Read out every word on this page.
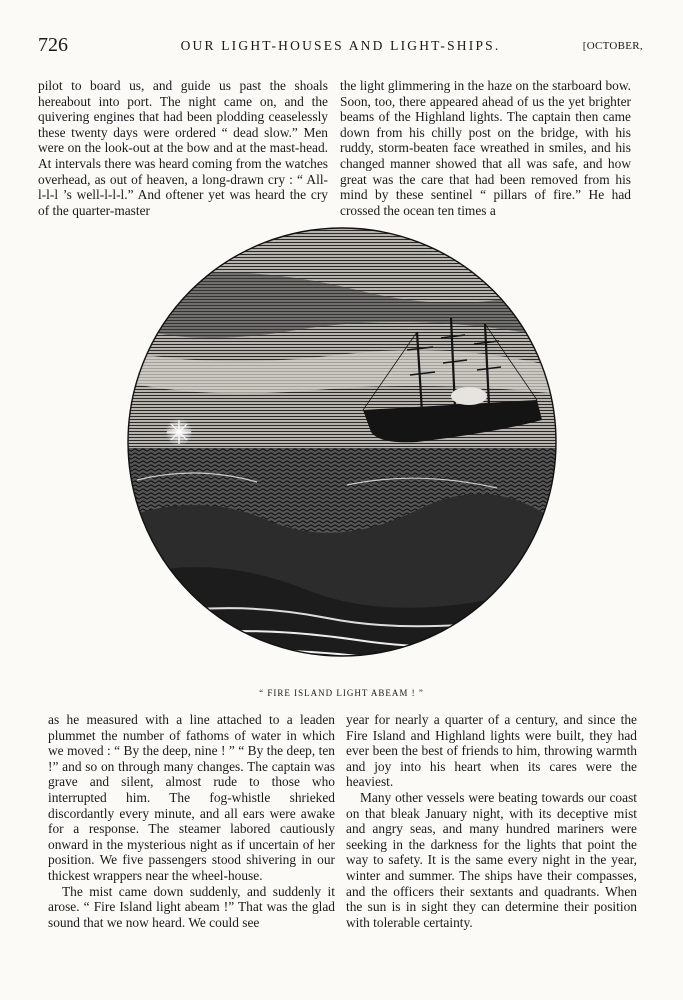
726	OUR LIGHT-HOUSES AND LIGHT-SHIPS.	[OCTOBER,

pilot to board us, and guide us past the shoals hereabout into port. The night came on, and the quivering engines that had been plodding ceaselessly these twenty days were ordered “ dead slow.” Men were on the look-out at the bow and at the mast-head. At intervals there was heard coming from the watches overhead, as out of heaven, a long-drawn cry : “ All-l-l-l ’s well-l-l-l.” And oftener yet was heard the cry of the quarter-master

the light glimmering in the haze on the starboard bow. Soon, too, there appeared ahead of us the yet brighter beams of the Highland lights. The captain then came down from his chilly post on the bridge, with his ruddy, storm-beaten face wreathed in smiles, and his changed manner showed that all was safe, and how great was the care that had been removed from his mind by these sentinel “ pillars of fire.” He had crossed the ocean ten times a

“ FIRE ISLAND LIGHT ABEAM ! ”

as he measured with a line attached to a leaden plummet the number of fathoms of water in which we moved : “ By the deep, nine ! ” “ By the deep, ten !” and so on through many changes. The captain was grave and silent, almost rude to those who interrupted him. The fog-whistle shrieked discordantly every minute, and all ears were awake for a response. The steamer labored cautiously onward in the mysterious night as if uncertain of her position. We five passengers stood shivering in our thickest wrappers near the wheel-house.

The mist came down suddenly, and suddenly it arose. “ Fire Island light abeam !” That was the glad sound that we now heard. We could see

year for nearly a quarter of a century, and since the Fire Island and Highland lights were built, they had ever been the best of friends to him, throwing warmth and joy into his heart when its cares were the heaviest.

Many other vessels were beating towards our coast on that bleak January night, with its deceptive mist and angry seas, and many hundred mariners were seeking in the darkness for the lights that point the way to safety. It is the same every night in the year, winter and summer. The ships have their compasses, and the officers their sextants and quadrants. When the sun is in sight they can determine their position with tolerable certainty.
